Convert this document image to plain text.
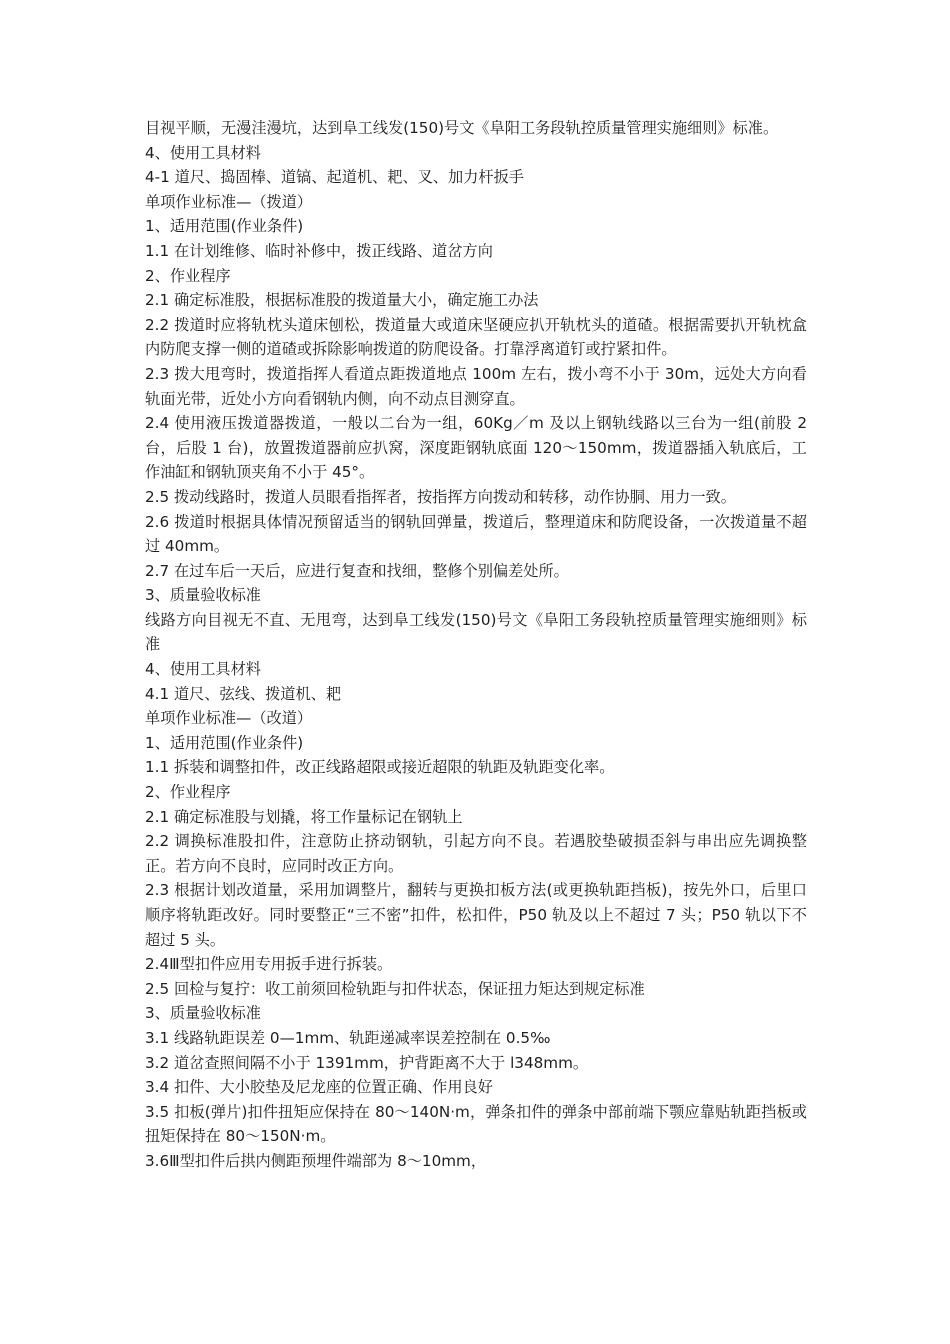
目视平顺，无漫洼漫坑，达到阜工线发(150)号文《阜阳工务段轨控质量管理实施细则》标准。

4、使用工具材料

4-1 道尺、捣固棒、道镐、起道机、耙、叉、加力杆扳手

单项作业标准—（拨道）

1、适用范围(作业条件)

1.1 在计划维修、临时补修中，拨正线路、道岔方向

2、作业程序

2.1 确定标准股，根据标准股的拨道量大小，确定施工办法

2.2 拨道时应将轨枕头道床刨松，拨道量大或道床坚硬应扒开轨枕头的道碴。根据需要扒开轨枕盒内防爬支撑一侧的道碴或拆除影响拨道的防爬设备。打靠浮离道钉或拧紧扣件。

2.3 拨大甩弯时，拨道指挥人看道点距拨道地点 100m 左右，拨小弯不小于 30m，远处大方向看轨面光带，近处小方向看钢轨内侧，向不动点目测穿直。

2.4 使用液压拨道器拨道，一般以二台为一组，60Kg／m 及以上钢轨线路以三台为一组(前股 2 台，后股 1 台)，放置拨道器前应扒窝，深度距钢轨底面 120～150mm，拨道器插入轨底后，工作油缸和钢轨顶夹角不小于 45°。

2.5 拨动线路时，拨道人员眼看指挥者，按指挥方向拨动和转移，动作协胴、用力一致。

2.6 拨道时根据具体情况预留适当的钢轨回弹量，拨道后，整理道床和防爬设备，一次拨道量不超过 40mm。

2.7 在过车后一天后，应进行复查和找细，整修个别偏差处所。

3、质量验收标准

线路方向目视无不直、无甩弯，达到阜工线发(150)号文《阜阳工务段轨控质量管理实施细则》标准

4、使用工具材料

4.1 道尺、弦线、拨道机、耙

单项作业标准—（改道）

1、适用范围(作业条件)

1.1 拆装和调整扣件，改正线路超限或接近超限的轨距及轨距变化率。

2、作业程序

2.1 确定标准股与划撬，将工作量标记在钢轨上

2.2 调换标准股扣件，注意防止挤动钢轨，引起方向不良。若遇胶垫破损歪斜与串出应先调换整正。若方向不良时，应同时改正方向。

2.3 根据计划改道量，采用加调整片，翻转与更换扣板方法(或更换轨距挡板)，按先外口，后里口顺序将轨距改好。同时要整正“三不密”扣件，松扣件，P50 轨及以上不超过 7 头；P50 轨以下不超过 5 头。

2.4Ⅲ型扣件应用专用扳手进行拆装。

2.5 回检与复拧：收工前须回检轨距与扣件状态，保证扭力矩达到规定标准

3、质量验收标准

3.1 线路轨距误差 0—1mm、轨距递减率误差控制在 0.5‰

3.2 道岔查照间隔不小于 1391mm，护背距离不大于 l348mm。

3.4 扣件、大小胶垫及尼龙座的位置正确、作用良好

3.5 扣板(弹片)扣件扭矩应保持在 80～140N·m，弹条扣件的弹条中部前端下颚应靠贴轨距挡板或扭矩保持在 80～150N·m。

3.6Ⅲ型扣件后拱内侧距预埋件端部为 8～10mm，
